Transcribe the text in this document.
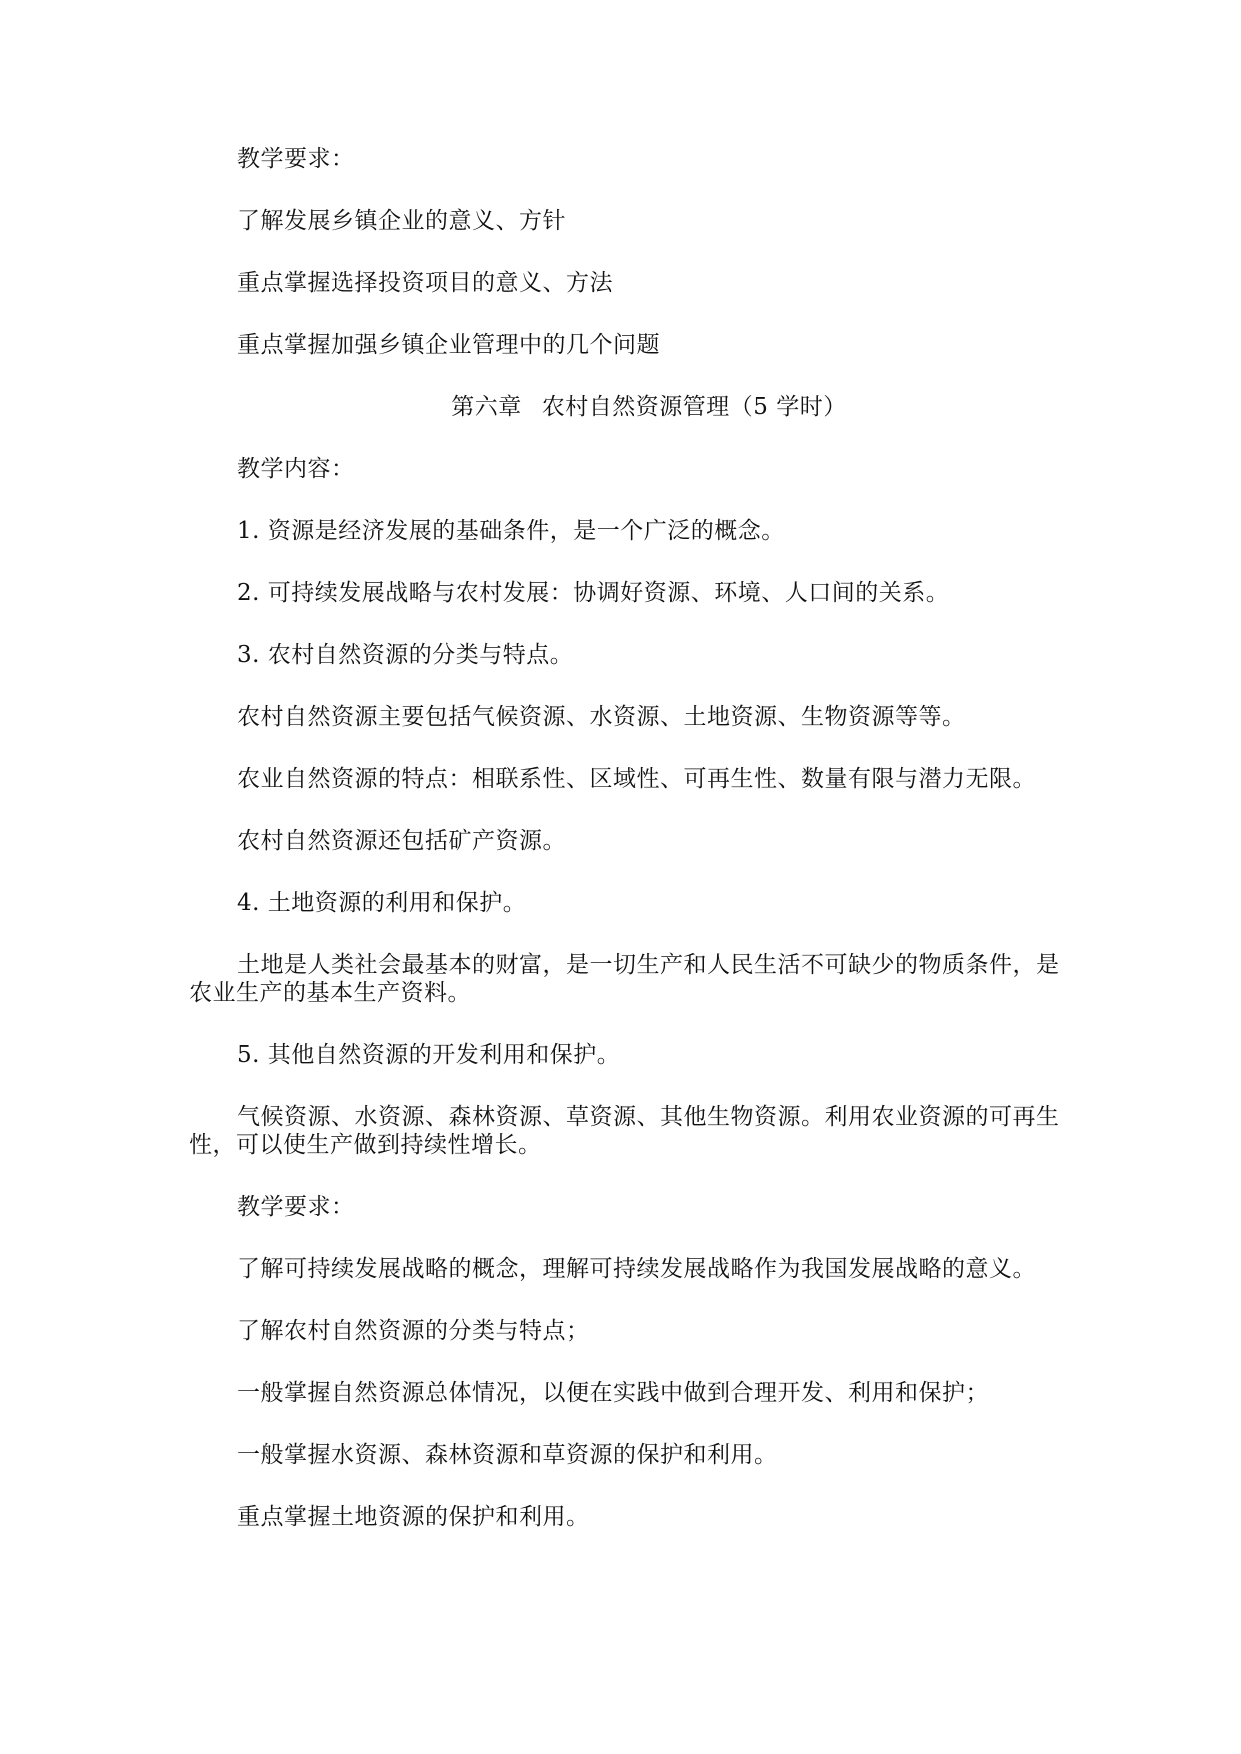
教学要求：

了解发展乡镇企业的意义、方针

重点掌握选择投资项目的意义、方法

重点掌握加强乡镇企业管理中的几个问题

第六章 农村自然资源管理（5 学时）

教学内容：

1. 资源是经济发展的基础条件，是一个广泛的概念。

2. 可持续发展战略与农村发展：协调好资源、环境、人口间的关系。

3. 农村自然资源的分类与特点。

农村自然资源主要包括气候资源、水资源、土地资源、生物资源等等。

农业自然资源的特点：相联系性、区域性、可再生性、数量有限与潜力无限。

农村自然资源还包括矿产资源。

4. 土地资源的利用和保护。

土地是人类社会最基本的财富，是一切生产和人民生活不可缺少的物质条件，是农业生产的基本生产资料。

5. 其他自然资源的开发利用和保护。

气候资源、水资源、森林资源、草资源、其他生物资源。利用农业资源的可再生性，可以使生产做到持续性增长。

教学要求：

了解可持续发展战略的概念，理解可持续发展战略作为我国发展战略的意义。

了解农村自然资源的分类与特点；

一般掌握自然资源总体情况，以便在实践中做到合理开发、利用和保护；

一般掌握水资源、森林资源和草资源的保护和利用。

重点掌握土地资源的保护和利用。
